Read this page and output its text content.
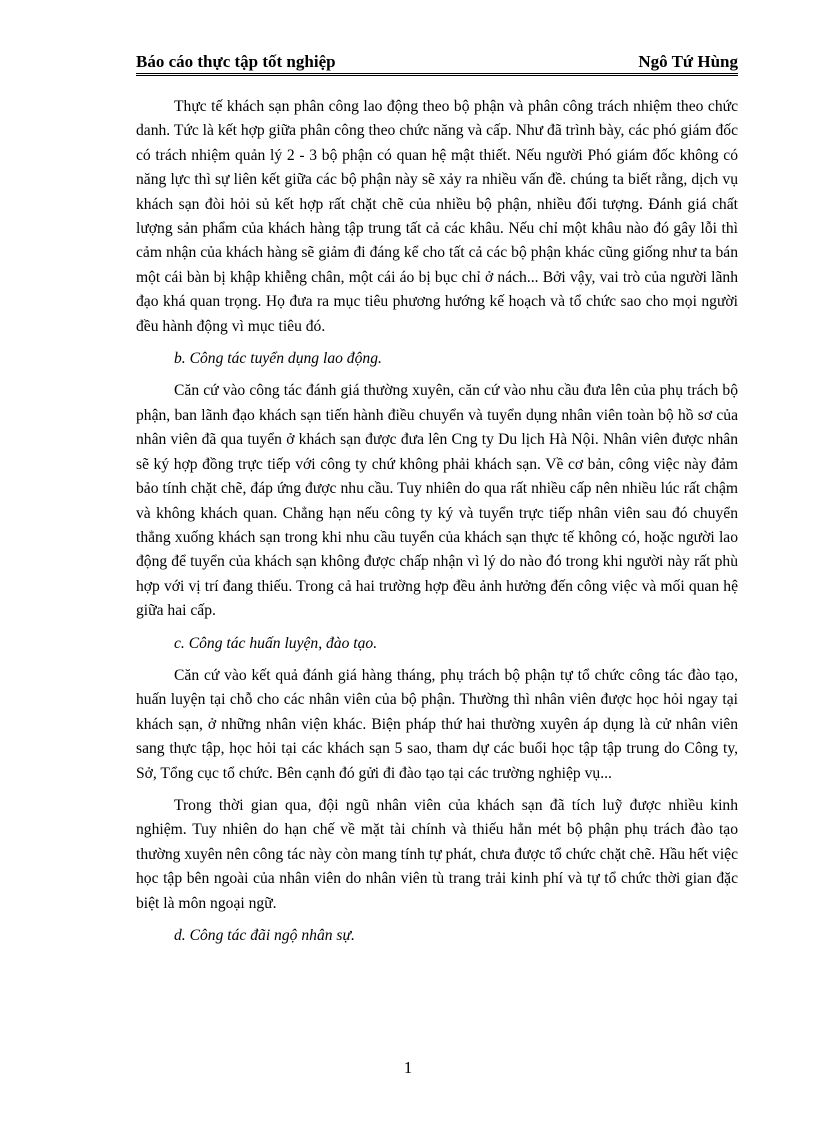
Báo cáo thực tập tốt nghiệp	Ngô Tứ Hùng

Thực tế khách sạn phân công lao động theo bộ phận và phân công trách nhiệm theo chức danh. Tức là kết hợp giữa phân công theo chức năng và cấp. Như đã trình bày, các phó giám đốc có trách nhiệm quản lý 2 - 3 bộ phận có quan hệ mật thiết. Nếu người Phó giám đốc không có năng lực thì sự liên kết giữa các bộ phận này sẽ xảy ra nhiều vấn đề. chúng ta biết rằng, dịch vụ khách sạn đòi hỏi sủ kết hợp rất chặt chẽ của nhiều bộ phận, nhiều đối tượng. Đánh giá chất lượng sản phẩm của khách hàng tập trung tất cả các khâu. Nếu chỉ một khâu nào đó gây lỗi thì cảm nhận của khách hàng sẽ giảm đi đáng kể cho tất cả các bộ phận khác cũng giống như ta bán một cái bàn bị khập khiễng chân, một cái áo bị bục chỉ ở nách... Bởi vậy, vai trò của người lãnh đạo khá quan trọng. Họ đưa ra mục tiêu phương hướng kế hoạch và tổ chức sao cho mọi người đều hành động vì mục tiêu đó.

b. Công tác tuyển dụng lao động.

Căn cứ vào công tác đánh giá thường xuyên, căn cứ vào nhu cầu đưa lên của phụ trách bộ phận, ban lãnh đạo khách sạn tiến hành điều chuyển và tuyển dụng nhân viên toàn bộ hồ sơ của nhân viên đã qua tuyển ở khách sạn được đưa lên Cng ty Du lịch Hà Nội. Nhân viên được nhân sẽ ký hợp đồng trực tiếp với công ty chứ không phải khách sạn. Về cơ bản, công việc này đảm bảo tính chặt chẽ, đáp ứng được nhu cầu. Tuy nhiên do qua rất nhiều cấp nên nhiều lúc rất chậm và không khách quan. Chẳng hạn nếu công ty ký và tuyển trực tiếp nhân viên sau đó chuyển thẳng xuống khách sạn trong khi nhu cầu tuyển của khách sạn thực tế không có, hoặc người lao động để tuyển của khách sạn không được chấp nhận vì lý do nào đó trong khi người này rất phù hợp với vị trí đang thiếu. Trong cả hai trường hợp đều ảnh hưởng đến công việc và mối quan hệ giữa hai cấp.

c. Công tác huấn luyện, đào tạo.

Căn cứ vào kết quả đánh giá hàng tháng, phụ trách bộ phận tự tổ chức công tác đào tạo, huấn luyện tại chỗ cho các nhân viên của bộ phận. Thường thì nhân viên được học hỏi ngay tại khách sạn, ở những nhân viện khác. Biện pháp thứ hai thường xuyên áp dụng là cử nhân viên sang thực tập, học hỏi tại các khách sạn 5 sao, tham dự các buổi học tập tập trung do Công ty, Sở, Tổng cục tổ chức. Bên cạnh đó gửi đi đào tạo tại các trường nghiệp vụ...

Trong thời gian qua, đội ngũ nhân viên của khách sạn đã tích luỹ được nhiều kinh nghiệm. Tuy nhiên do hạn chế về mặt tài chính và thiếu hẳn mét bộ phận phụ trách đào tạo thường xuyên nên công tác này còn mang tính tự phát, chưa được tổ chức chặt chẽ. Hầu hết việc học tập bên ngoài của nhân viên do nhân viên tù trang trải kinh phí và tự tổ chức thời gian đặc biệt là môn ngoại ngữ.

d. Công tác đãi ngộ nhân sự.

1
